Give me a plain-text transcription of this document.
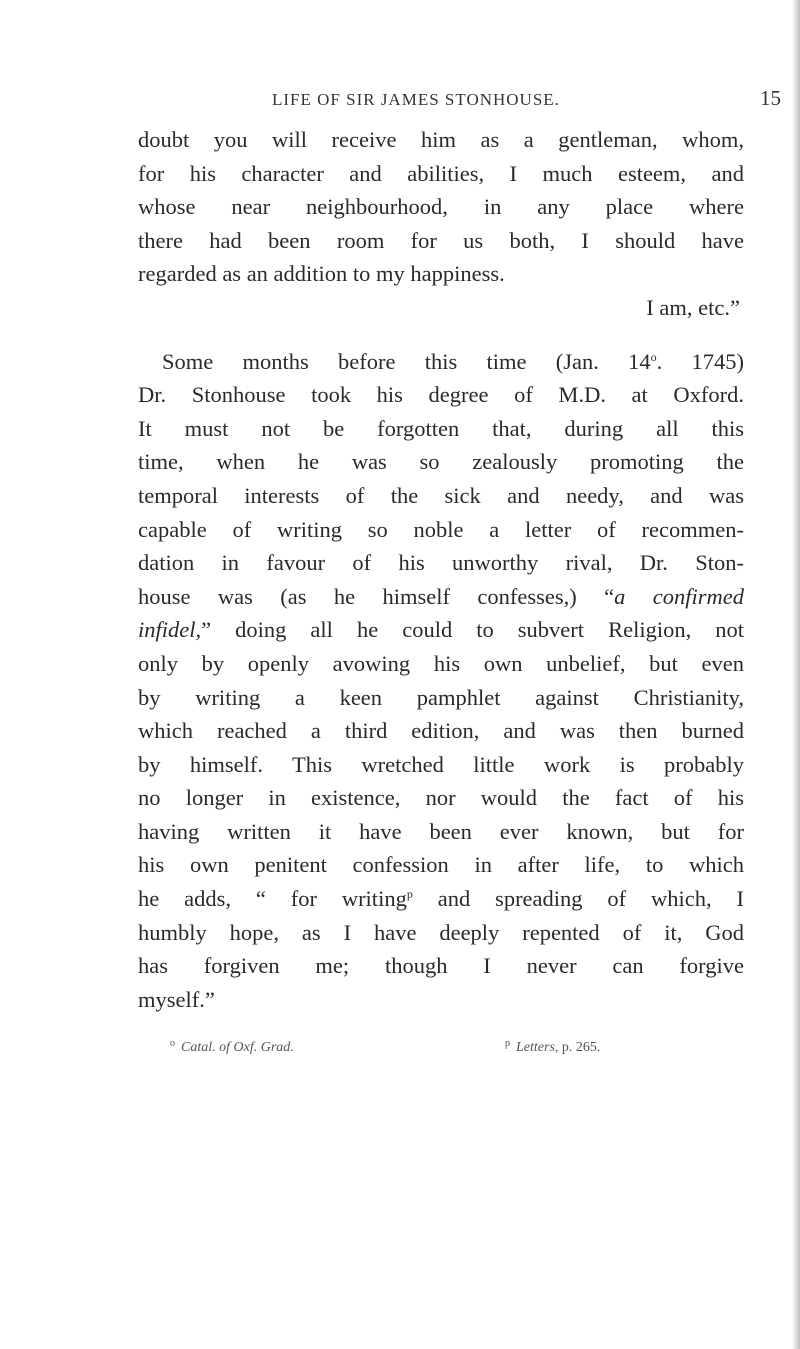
LIFE OF SIR JAMES STONHOUSE.	15
doubt you will receive him as a gentleman, whom,
for his character and abilities, I much esteem, and
whose near neighbourhood, in any place where
there had been room for us both, I should have
regarded as an addition to my happiness.
I am, etc.”
Some months before this time (Jan. 14$^o$. 1745)
Dr. Stonhouse took his degree of M.D. at Oxford.
It must not be forgotten that, during all this
time, when he was so zealously promoting the
temporal interests of the sick and needy, and was
capable of writing so noble a letter of recommen-
dation in favour of his unworthy rival, Dr. Ston-
house was (as he himself confesses,) “a confirmed
infidel,” doing all he could to subvert Religion, not
only by openly avowing his own unbelief, but even
by writing a keen pamphlet against Christianity,
which reached a third edition, and was then burned
by himself. This wretched little work is probably
no longer in existence, nor would the fact of his
having written it have been ever known, but for
his own penitent confession in after life, to which
he adds, “ for writing$^p$ and spreading of which, I
humbly hope, as I have deeply repented of it, God
has forgiven me; though I never can forgive
myself.”
$^o$ Catal. of Oxf. Grad.	$^p$ Letters, p. 265.
